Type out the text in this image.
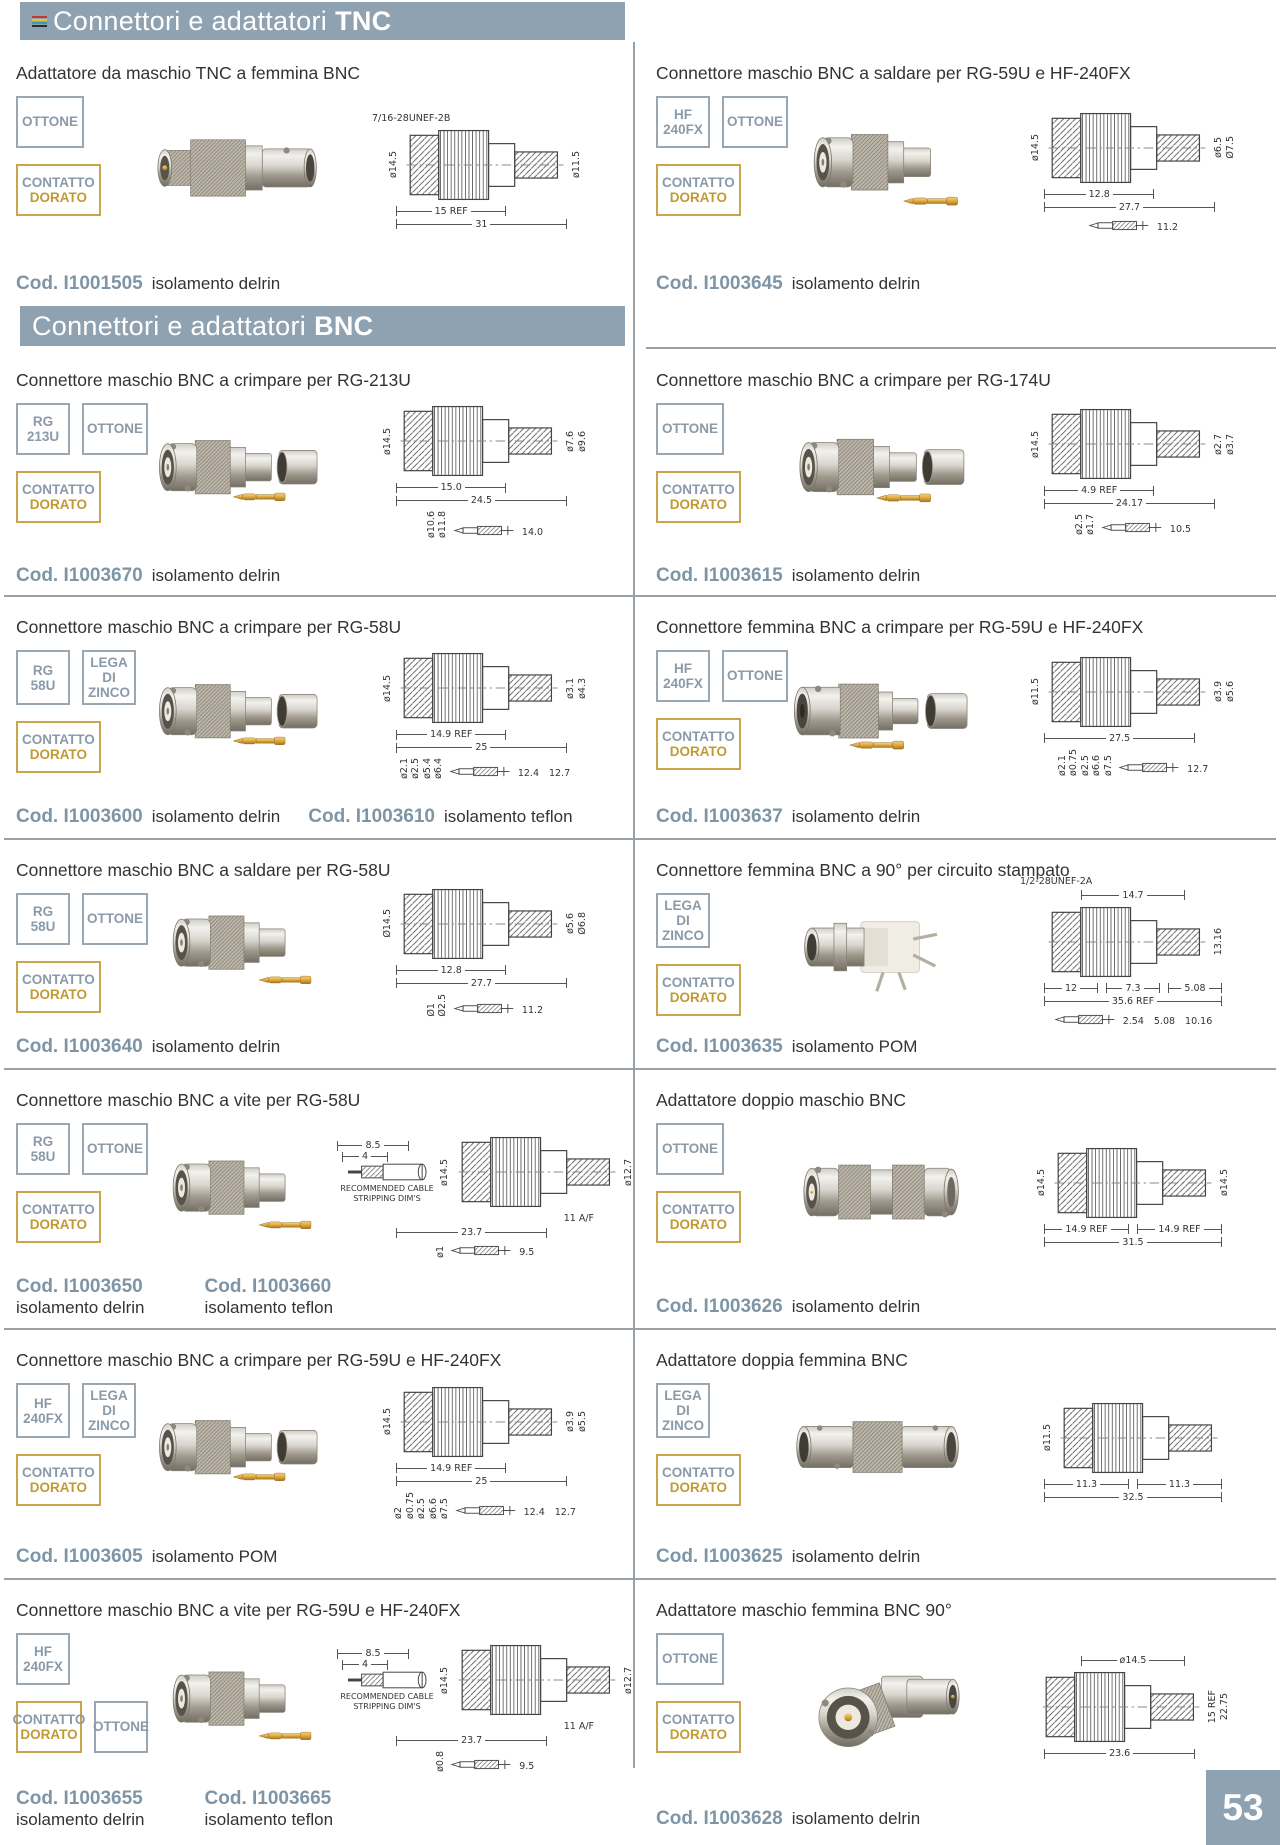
Connettori e adattatori TNC
Connettori e adattatori BNC
Adattatore da maschio TNC a femmina BNC
OTTONE
CONTATTO
DORATO
7/16-28UNEF-2B
ø14.5	ø11.5
15 REF
31
Cod. I1001505 isolamento delrin
Connettore maschio BNC a saldare per RG-59U e HF-240FX
HF
240FX
OTTONE
CONTATTO
DORATO
ø14.5	ø6.5 Ø7.5
12.8
27.7
11.2
Cod. I1003645 isolamento delrin
Connettore maschio BNC a crimpare per RG-213U
RG
213U
OTTONE
CONTATTO
DORATO
ø14.5	ø7.6 ø9.6
15.0
24.5
ø10.6 ø11.8	14.0
Cod. I1003670 isolamento delrin
Connettore maschio BNC a crimpare per RG-174U
OTTONE
CONTATTO
DORATO
ø14.5	ø2.7 ø3.7
4.9 REF
24.17
ø2.5 ø1.7	10.5
Cod. I1003615 isolamento delrin
Connettore maschio BNC a crimpare per RG-58U
RG
58U
LEGA
DI
ZINCO
CONTATTO
DORATO
ø14.5	ø3.1 ø4.3
14.9 REF
25
ø2.1 ø2.5 ø5.4 ø6.4	12.4 12.7
Cod. I1003600 isolamento delrin Cod. I1003610 isolamento teflon
Connettore femmina BNC a crimpare per RG-59U e HF-240FX
HF
240FX
OTTONE
CONTATTO
DORATO
ø11.5	ø3.9 ø5.6
27.5
ø2.1 ø0.75 ø2.5 ø6.6 ø7.5	12.7
Cod. I1003637 isolamento delrin
Connettore maschio BNC a saldare per RG-58U
RG
58U
OTTONE
CONTATTO
DORATO
Ø14.5	ø5.6 Ø6.8
12.8
27.7
Ø1 Ø2.5	11.2
Cod. I1003640 isolamento delrin
Connettore femmina BNC a 90° per circuito stampato
LEGA
DI
ZINCO
CONTATTO
DORATO
1/2-28UNEF-2A
14.7
13.16
12	7.3	5.08
35.6 REF
2.54 5.08 10.16
Cod. I1003635 isolamento POM
Connettore maschio BNC a vite per RG-58U
RG
58U
OTTONE
CONTATTO
DORATO
8.5
4
RECOMMENDED CABLE STRIPPING DIM'S
ø14.5	ø12.7
11 A/F
23.7
ø1	9.5
Cod. I1003650
isolamento delrin
Cod. I1003660
isolamento teflon
Adattatore doppio maschio BNC
OTTONE
CONTATTO
DORATO
ø14.5	ø14.5
14.9 REF	14.9 REF
31.5
Cod. I1003626 isolamento delrin
Connettore maschio BNC a crimpare per RG-59U e HF-240FX
HF
240FX
LEGA
DI
ZINCO
CONTATTO
DORATO
ø14.5	ø3.9 ø5.5
14.9 REF
25
ø2 ø0.75 ø2.5 ø6.6 ø7.5	12.4 12.7
Cod. I1003605 isolamento POM
Adattatore doppia femmina BNC
LEGA
DI
ZINCO
CONTATTO
DORATO
ø11.5
11.3	11.3
32.5
Cod. I1003625 isolamento delrin
Connettore maschio BNC a vite per RG-59U e HF-240FX
HF
240FX
CONTATTO
DORATO
OTTONE
8.5
4
RECOMMENDED CABLE STRIPPING DIM'S
ø14.5	ø12.7
11 A/F
23.7
ø0.8	9.5
Cod. I1003655
isolamento delrin
Cod. I1003665
isolamento teflon
Adattatore maschio femmina BNC 90°
OTTONE
CONTATTO
DORATO
ø14.5
15 REF 22.75
23.6
Cod. I1003628 isolamento delrin	53
